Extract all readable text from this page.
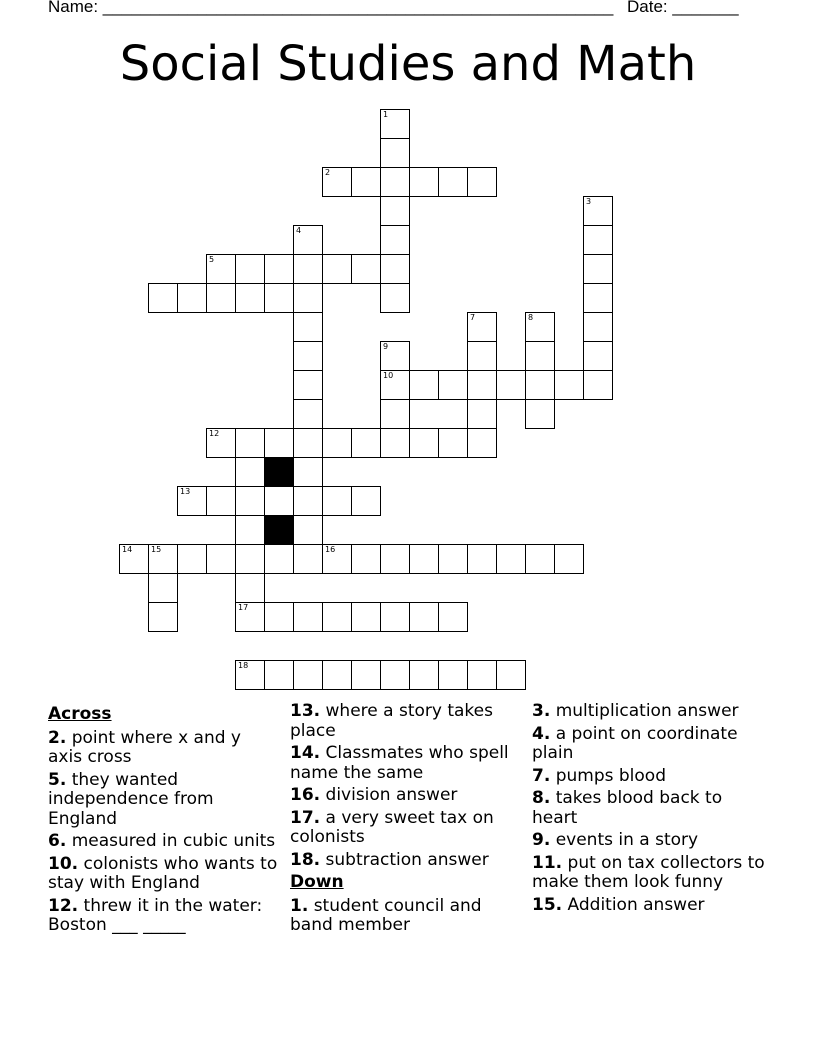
Name: ______________________________________________________ Date: _______
Social Studies and Math
1
2
3
4
5
7	8
9
10
12
13
14 15	16
17
18
Across
2. point where x and y axis cross
5. they wanted independence from England
6. measured in cubic units
10. colonists who wants to stay with England
12. threw it in the water: Boston ___ _____
13. where a story takes place
14. Classmates who spell name the same
16. division answer
17. a very sweet tax on colonists
18. subtraction answer
Down
1. student council and band member
3. multiplication answer
4. a point on coordinate plain
7. pumps blood
8. takes blood back to heart
9. events in a story
11. put on tax collectors to make them look funny
15. Addition answer
